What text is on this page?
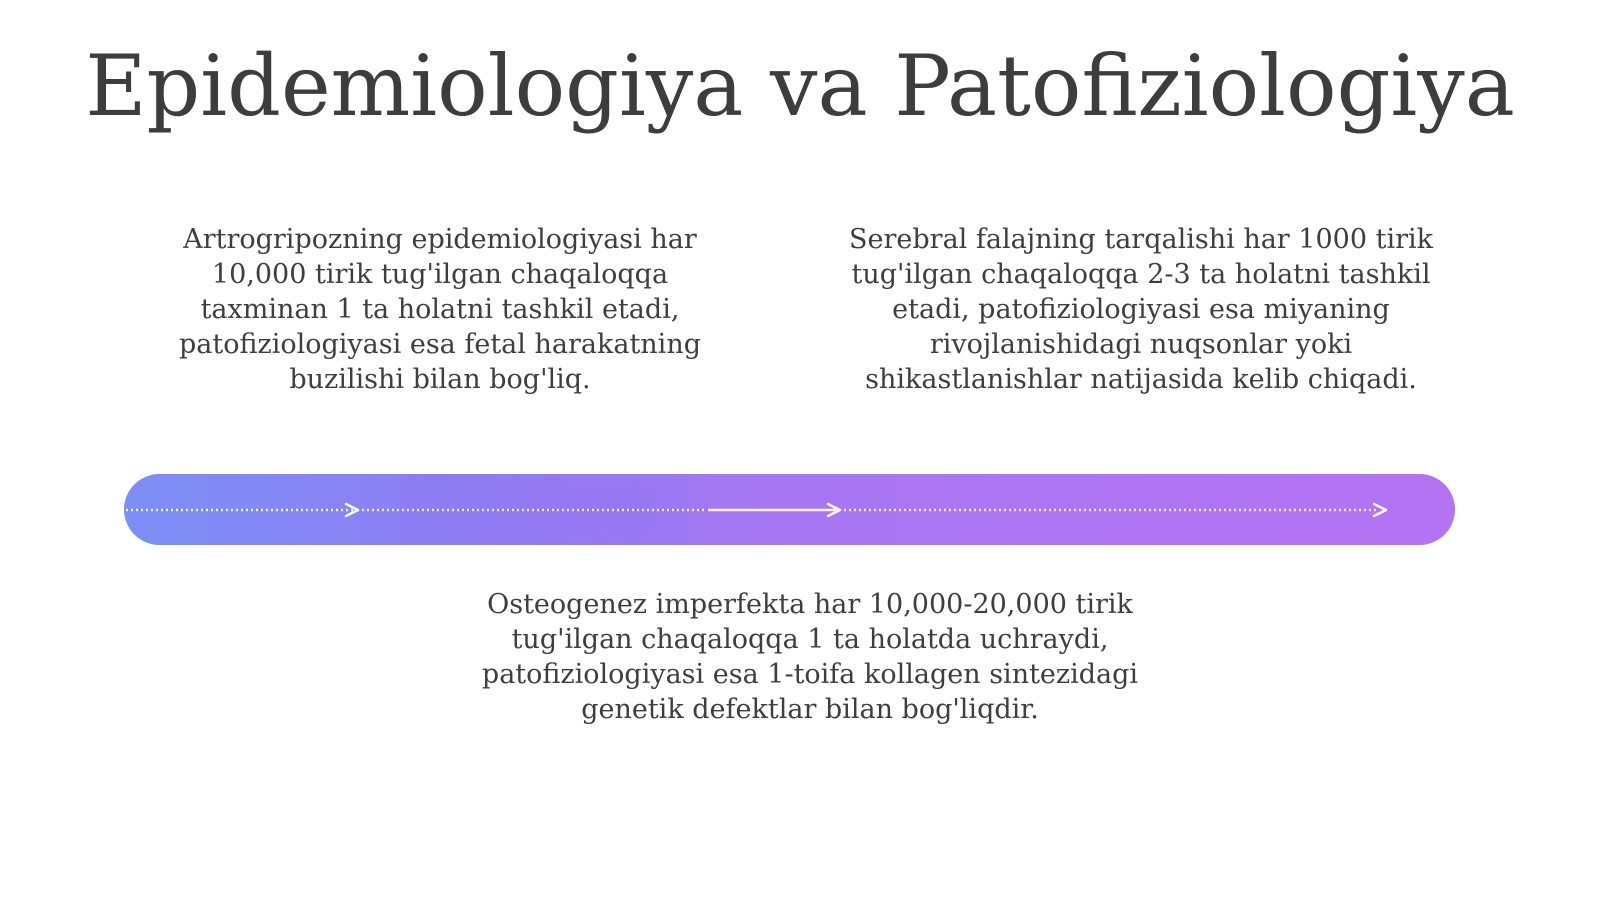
Epidemiologiya va Patofiziologiya
Artrogripozning epidemiologiyasi har 10,000 tirik tug'ilgan chaqaloqqa taxminan 1 ta holatni tashkil etadi, patofiziologiyasi esa fetal harakatning buzilishi bilan bog'liq.
Serebral falajning tarqalishi har 1000 tirik tug'ilgan chaqaloqqa 2-3 ta holatni tashkil etadi, patofiziologiyasi esa miyaning rivojlanishidagi nuqsonlar yoki shikastlanishlar natijasida kelib chiqadi.
Osteogenez imperfekta har 10,000-20,000 tirik tug'ilgan chaqaloqqa 1 ta holatda uchraydi, patofiziologiyasi esa 1-toifa kollagen sintezidagi genetik defektlar bilan bog'liqdir.
